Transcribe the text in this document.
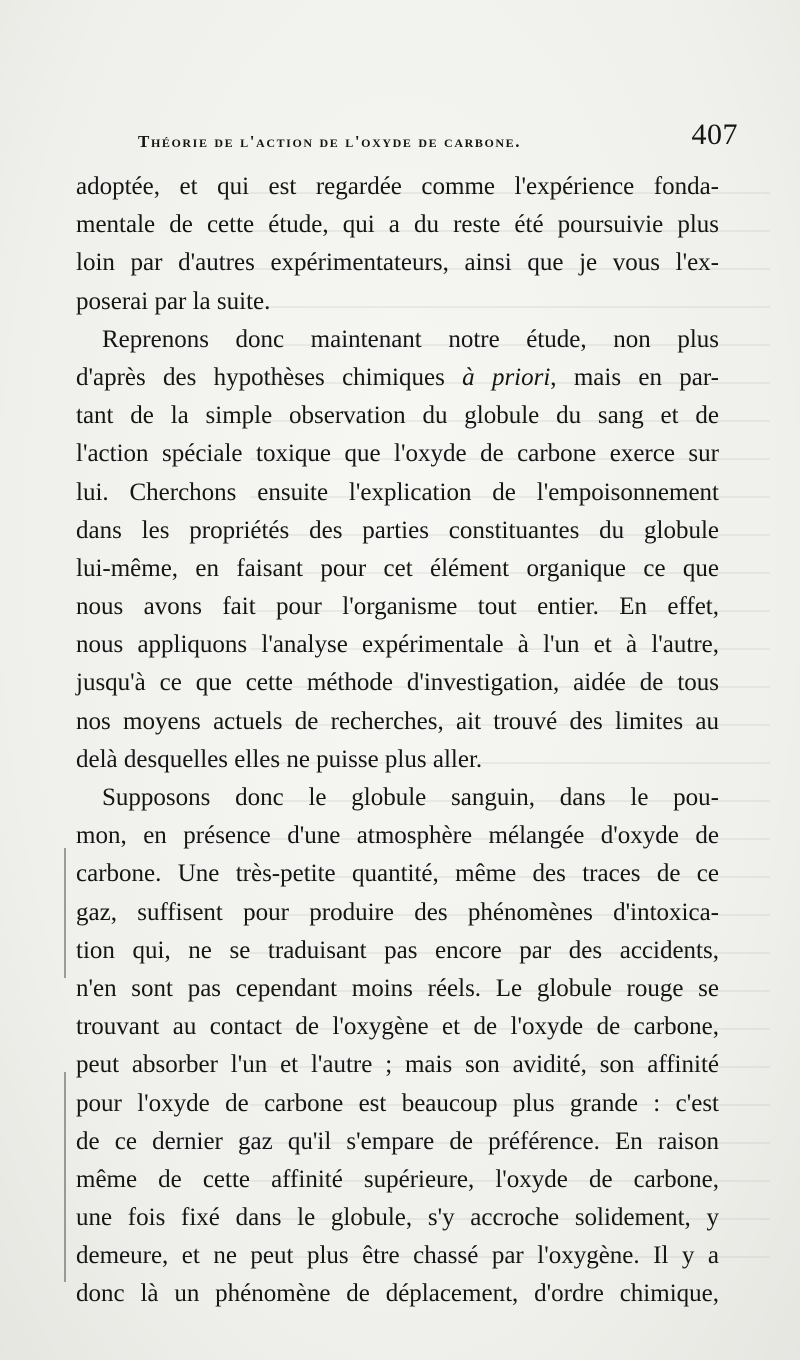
Théorie de l'action de l'oxyde de carbone.	407
adoptée, et qui est regardée comme l'expérience fonda-
mentale de cette étude, qui a du reste été poursuivie plus
loin par d'autres expérimentateurs, ainsi que je vous l'ex-
poserai par la suite.
Reprenons donc maintenant notre étude, non plus
d'après des hypothèses chimiques à priori, mais en par-
tant de la simple observation du globule du sang et de
l'action spéciale toxique que l'oxyde de carbone exerce sur
lui. Cherchons ensuite l'explication de l'empoisonnement
dans les propriétés des parties constituantes du globule
lui-même, en faisant pour cet élément organique ce que
nous avons fait pour l'organisme tout entier. En effet,
nous appliquons l'analyse expérimentale à l'un et à l'autre,
jusqu'à ce que cette méthode d'investigation, aidée de tous
nos moyens actuels de recherches, ait trouvé des limites au
delà desquelles elles ne puisse plus aller.
Supposons donc le globule sanguin, dans le pou-
mon, en présence d'une atmosphère mélangée d'oxyde de
carbone. Une très-petite quantité, même des traces de ce
gaz, suffisent pour produire des phénomènes d'intoxica-
tion qui, ne se traduisant pas encore par des accidents,
n'en sont pas cependant moins réels. Le globule rouge se
trouvant au contact de l'oxygène et de l'oxyde de carbone,
peut absorber l'un et l'autre ; mais son avidité, son affinité
pour l'oxyde de carbone est beaucoup plus grande : c'est
de ce dernier gaz qu'il s'empare de préférence. En raison
même de cette affinité supérieure, l'oxyde de carbone,
une fois fixé dans le globule, s'y accroche solidement, y
demeure, et ne peut plus être chassé par l'oxygène. Il y a
donc là un phénomène de déplacement, d'ordre chimique,
